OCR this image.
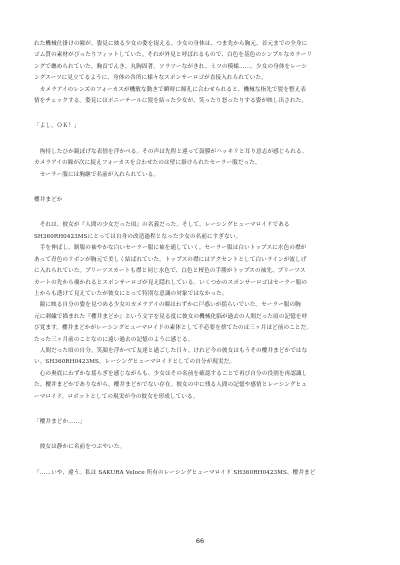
れた機械仕掛けの瞳が、姿見に映る少女の姿を捉える。少女の身体は、つま先から胸元、首元までの全身に

ゴム質の素材がぴったりフィットしていた。それが外見と呼ばれるもので、白色を基色のシンプルなカラーリ

ングで纏められていた。胸首でんき。丸胸固著。ソラツーながきれ、ミツの模様……。少女の身体をレーシ

ングスーツに見立てるように、身体の各所に様々なスポンサーロゴが直接入れられていた。

　カメラアイのレンズのフォーカスが機敏な動きで瞬時に瞳孔に合わせられると、機械な指先で髪を整え表

情をチェックする。姿見にはポニーテールに髪を結った少女が、笑ったり怒ったりする姿が映し出された。

「よし。ＯＫ！」

　拘持したひか鏡ぼげな表情を浮かべる。その声は先程と違って鼓膜がハッキリと耳り意志が感じられる。

カメラアイの瞳が次に捉えフォーカスを合わせたのは壁に掛けられたセーラー服だった。

　セーラー服には胸継で名前が入れられている。

櫻井まどか

　それは、彼女が『人間の少女だった頃』の名義だった。そして、レーシングヒューマロイドである

SH360RH0423MSにとっては自身の改造過程となった少女の名前にすぎない。

　手を伸ばし、制服の袖やかな白いセーラー服に袖を通していく。セーラー服は白いトップスに水色の襟が

あって青色のリボンが胸元で美しく結ばれていた。トップスの襟にはアクセントとして白いラインが波しげ

に入れられていた。プリーツスカートも襟と同じ水色で、白色と桜色の手勝がトップスの袖先、プリーツス

カートの先から覗かれるとスポンサーロゴが見え隠れしている。いくつかのスポンサーロゴはセーラー服の

上からも透けて見えていたが彼女にとって特別な意識の対象ではなかった。

　鏡に映る自分の姿を見つめる少女のカメラアイの瞳はわずかに戸惑いが揺らいでいた。セーラー服の胸

元に刺繍で描まれた『櫻井まどか』という文字を見る度に彼女の機械化脳が過去の人間だった頃の記憶を呼

び覚ます。櫻井まどかがレーシングヒューマロイドの素体として不必要を捨てたのは三ヶ月ほど前のことだ。

たった三ヶ月前のことなのに遠い過去の記憶のように感じる。

　人間だった頃の自分。笑顔を浮かべて友達と過ごした日々。けれど今の彼女はもうその櫻井まどかではな

い。SH360RH0423MS。レーシングヒューマロイドとしての自分が現実だ。

　心の奥底にわずかな揺らぎを感じながらも、少女はその名前を確認することで再び自分の役割を再認識し

た。櫻井まどかでありながら、櫻井まどかでない存在。彼女の中に残る人間の記憶や感情とレーシングヒュ

ーマロイド、ロボットとしての現実が今の彼女を形成している。

「櫻井まどか……」

　彼女は静かに名前をつぶやいた。

「……いや、違う。私は SAKURA Veloce 所有のレーシングヒューマロイド SH360RH0423MS、櫻井まど

66
